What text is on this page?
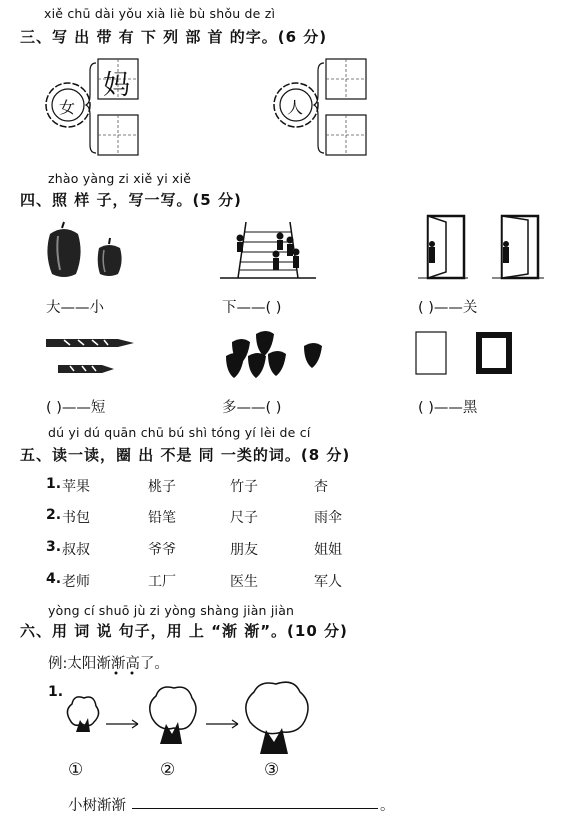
xiě chū dài yǒu xià liè bù shǒu de zì
三、写 出 带 有 下 列 部 首 的字。(6 分)
女
妈
人
zhào yàng zi xiě yi xiě
四、照 样 子，写一写。(5 分)
大——小	下——( )	( )——关
( )——短	多——( )	( )——黑
dú yi dú quān chū bú shì tóng yí lèi de cí
五、读一读，圈 出 不是 同 一类的词。(8 分)
1. 苹果	桃子	竹子	杏
2. 书包	铅笔	尺子	雨伞
3. 叔叔	爷爷	朋友	姐姐
4. 老师	工厂	医生	军人
yòng cí shuō jù zi yòng shàng jiàn jiàn
六、用 词 说 句子，用 上 “渐 渐”。(10 分)
例:太阳渐渐高了。
1.
①	②	③
小树渐渐	。
